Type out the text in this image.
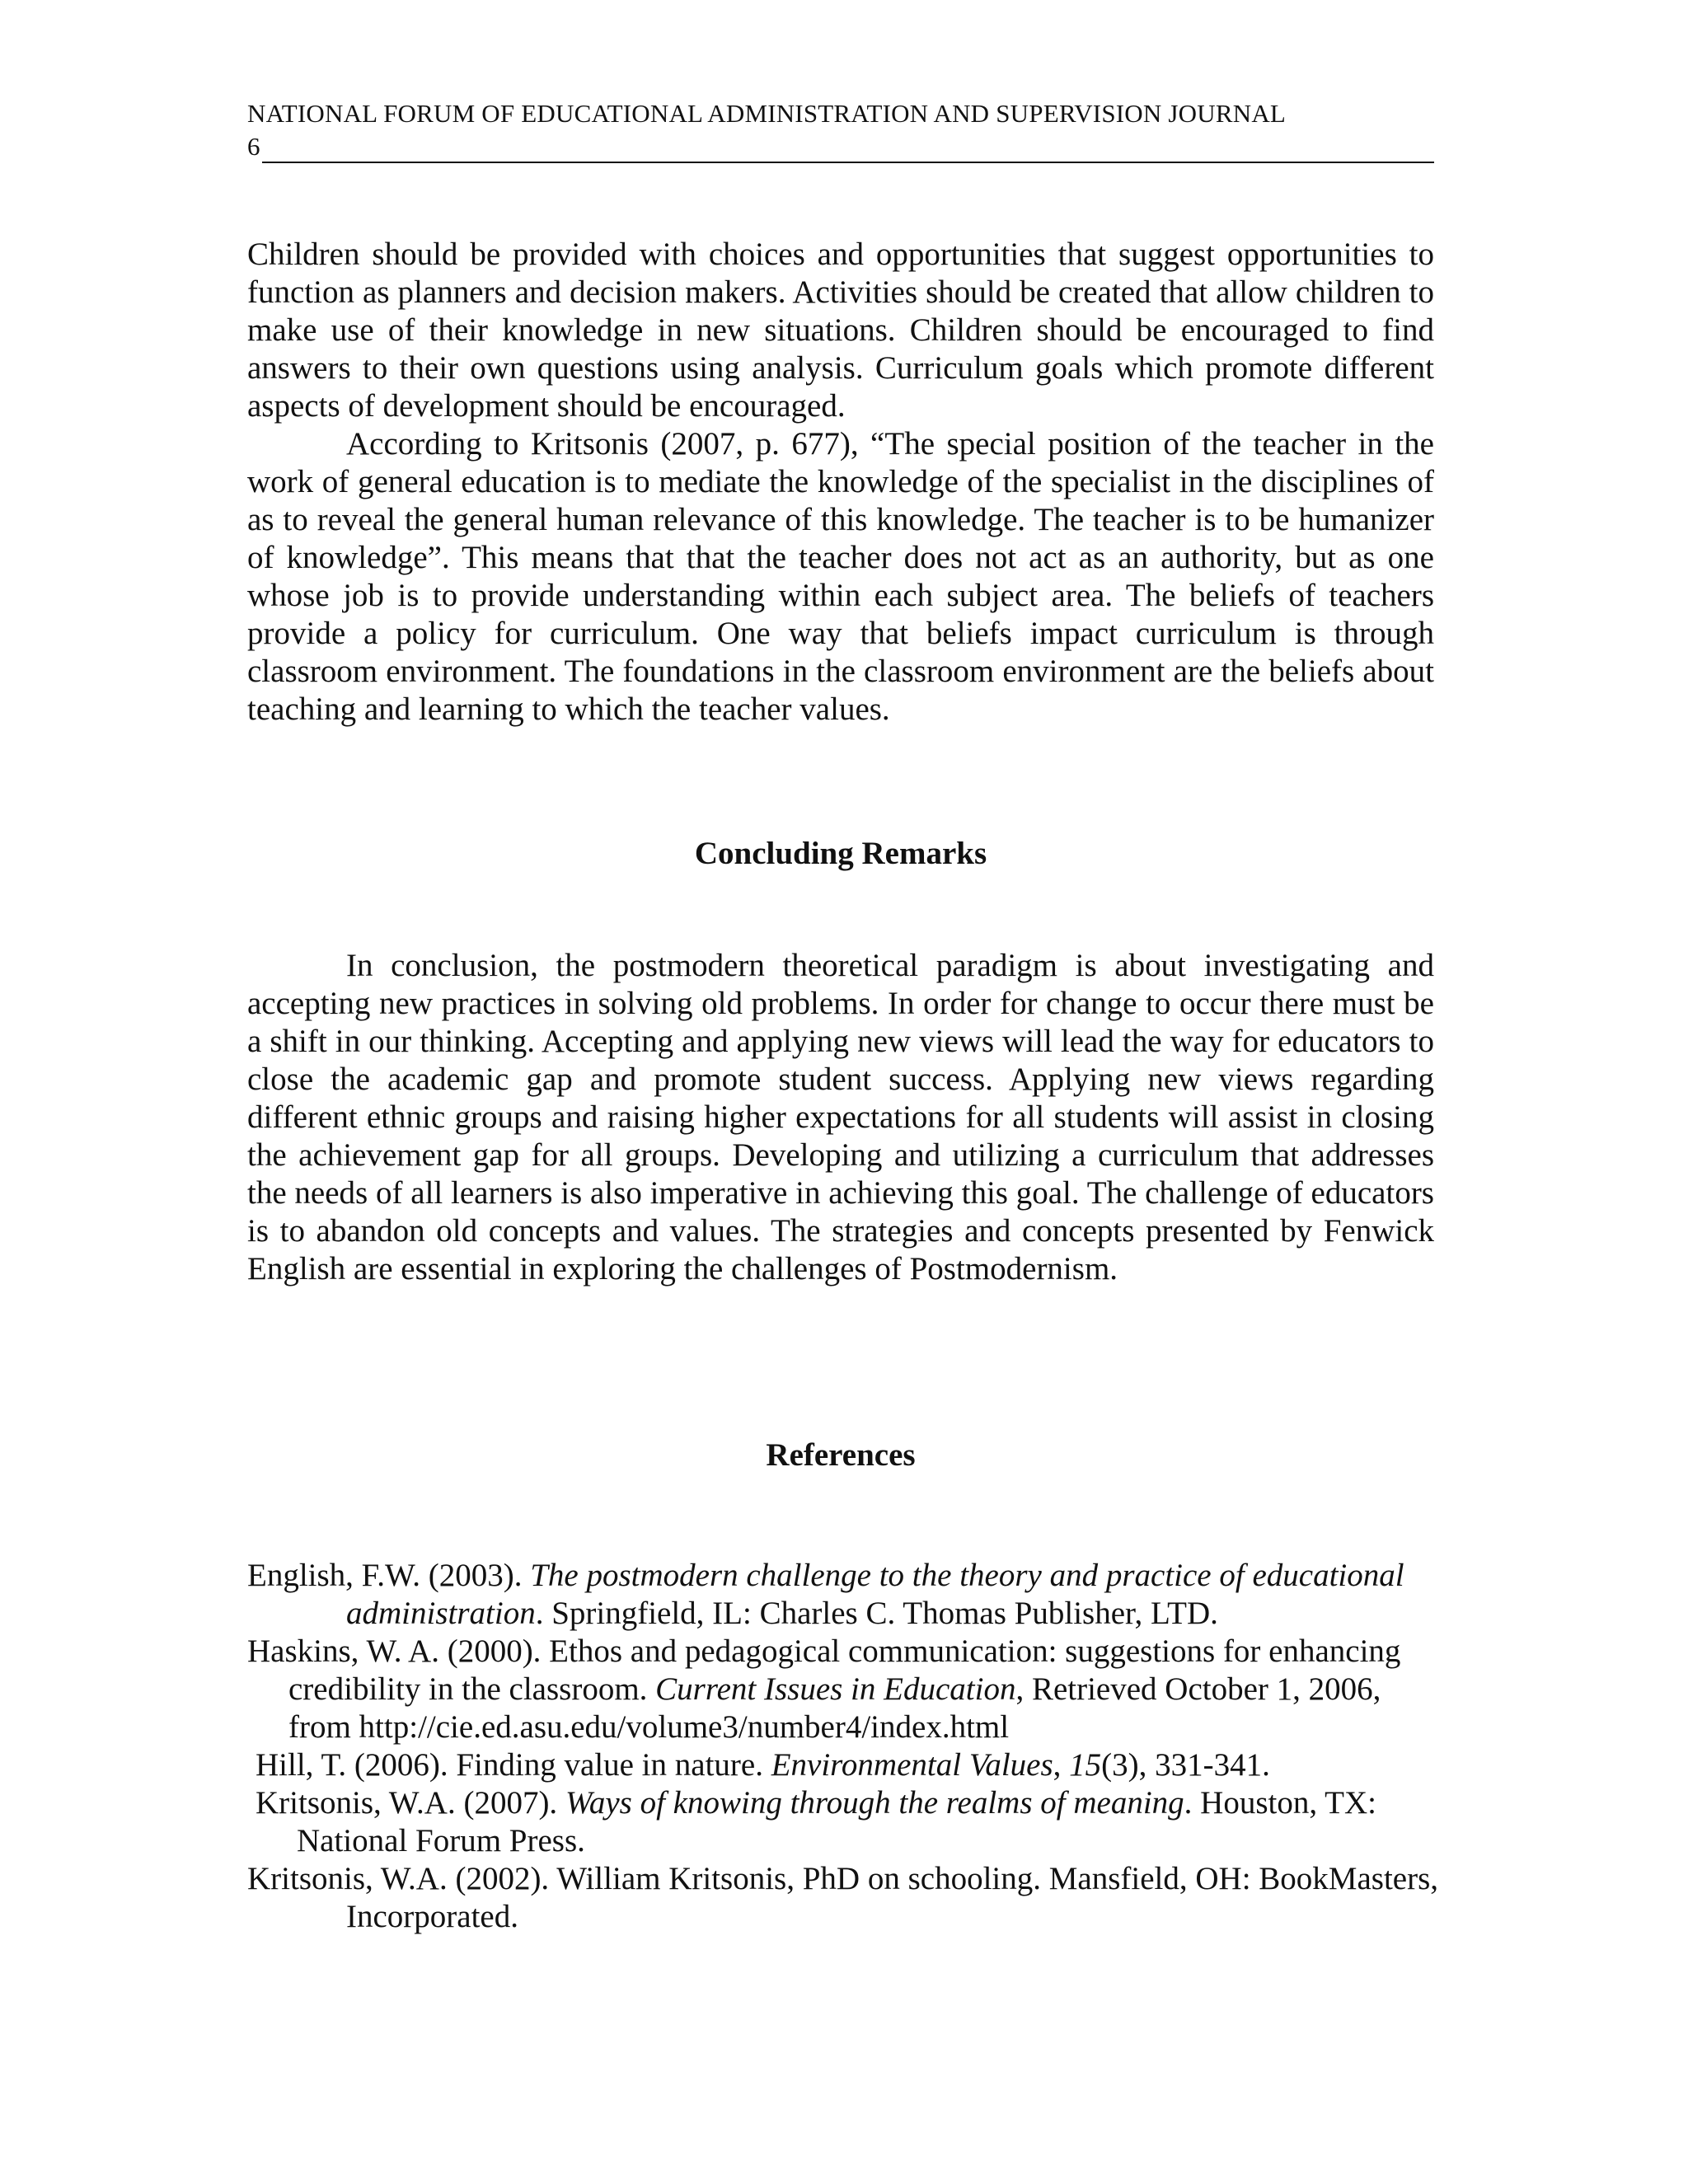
NATIONAL FORUM OF EDUCATIONAL ADMINISTRATION AND SUPERVISION JOURNAL
6

Children should be provided with choices and opportunities that suggest opportunities to function as planners and decision makers. Activities should be created that allow children to make use of their knowledge in new situations. Children should be encouraged to find answers to their own questions using analysis. Curriculum goals which promote different aspects of development should be encouraged.

According to Kritsonis (2007, p. 677), “The special position of the teacher in the work of general education is to mediate the knowledge of the specialist in the disciplines of as to reveal the general human relevance of this knowledge. The teacher is to be humanizer of knowledge”. This means that that the teacher does not act as an authority, but as one whose job is to provide understanding within each subject area. The beliefs of teachers provide a policy for curriculum. One way that beliefs impact curriculum is through classroom environment. The foundations in the classroom environment are the beliefs about teaching and learning to which the teacher values.

Concluding Remarks

In conclusion, the postmodern theoretical paradigm is about investigating and accepting new practices in solving old problems. In order for change to occur there must be a shift in our thinking. Accepting and applying new views will lead the way for educators to close the academic gap and promote student success. Applying new views regarding different ethnic groups and raising higher expectations for all students will assist in closing the achievement gap for all groups. Developing and utilizing a curriculum that addresses the needs of all learners is also imperative in achieving this goal. The challenge of educators is to abandon old concepts and values. The strategies and concepts presented by Fenwick English are essential in exploring the challenges of Postmodernism.

References

English, F.W. (2003). The postmodern challenge to the theory and practice of educational administration. Springfield, IL: Charles C. Thomas Publisher, LTD.

Haskins, W. A. (2000). Ethos and pedagogical communication: suggestions for enhancing credibility in the classroom. Current Issues in Education, Retrieved October 1, 2006, from http://cie.ed.asu.edu/volume3/number4/index.html

Hill, T. (2006). Finding value in nature. Environmental Values, 15(3), 331-341.

Kritsonis, W.A. (2007). Ways of knowing through the realms of meaning. Houston, TX: National Forum Press.

Kritsonis, W.A. (2002). William Kritsonis, PhD on schooling. Mansfield, OH: BookMasters, Incorporated.
